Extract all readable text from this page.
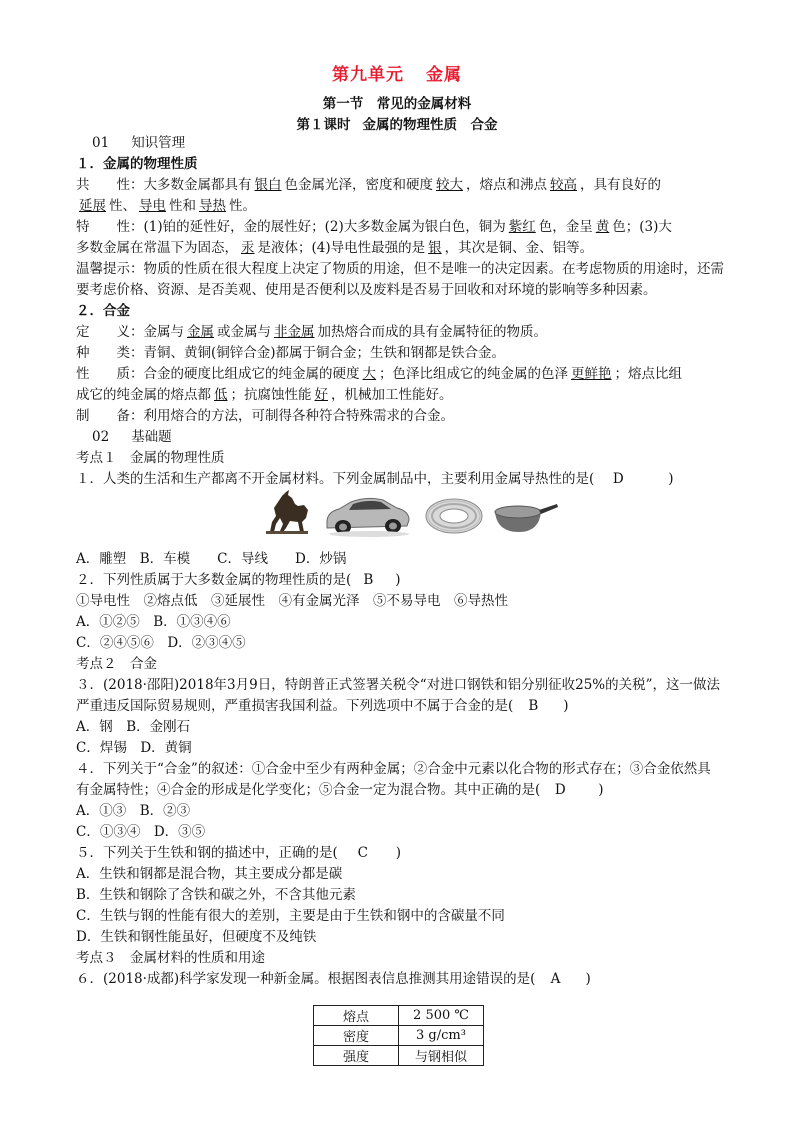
第九单元 金属
第一节　常见的金属材料
第１课时 金属的物理性质　合金
01 知识管理
１．金属的物理性质
共　　性：大多数金属都具有 银白 色金属光泽，密度和硬度 较大 ，熔点和沸点 较高 ，具有良好的
延展 性、 导电 性和 导热 性。
特　　性：(1)铂的延性好，金的展性好；(2)大多数金属为银白色，铜为 紫红 色，金呈 黄 色；(3)大
多数金属在常温下为固态， 汞 是液体；(4)导电性最强的是 银 ，其次是铜、金、铝等。
温馨提示：物质的性质在很大程度上决定了物质的用途，但不是唯一的决定因素。在考虑物质的用途时，还需
要考虑价格、资源、是否美观、使用是否便利以及废料是否易于回收和对环境的影响等多种因素。
２．合金
定　　义：金属与 金属 或金属与 非金属 加热熔合而成的具有金属特征的物质。
种　　类：青铜、黄铜(铜锌合金)都属于铜合金；生铁和钢都是铁合金。
性　　质：合金的硬度比组成它的纯金属的硬度 大 ；色泽比组成它的纯金属的色泽 更鲜艳 ；熔点比组
成它的纯金属的熔点都 低 ；抗腐蚀性能 好 ，机械加工性能好。
制　　备：利用熔合的方法，可制得各种符合特殊需求的合金。
02 基础题
考点１　金属的物理性质
１．人类的生活和生产都离不开金属材料。下列金属制品中，主要利用金属导热性的是( D	)
A．雕塑　B．车模　　C．导线　　D．炒锅
２．下列性质属于大多数金属的物理性质的是( B )
①导电性　②熔点低　③延展性　④有金属光泽　⑤不易导电　⑥导热性
A．①②⑤　B．①③④⑥
C．②④⑤⑥　D．②③④⑤
考点２　合金
３．(2018·邵阳)2018年3月9日，特朗普正式签署关税令“对进口钢铁和铝分别征收25%的关税”，这一做法
严重违反国际贸易规则，严重损害我国利益。下列选项中不属于合金的是( B )
A．钢　B．金刚石
C．焊锡　D．黄铜
４．下列关于“合金”的叙述：①合金中至少有两种金属；②合金中元素以化合物的形式存在；③合金依然具
有金属特性；④合金的形成是化学变化；⑤合金一定为混合物。其中正确的是( D )
A．①③　B．②③
C．①③④　D．③⑤
５．下列关于生铁和钢的描述中，正确的是( C )
A．生铁和钢都是混合物，其主要成分都是碳
B．生铁和钢除了含铁和碳之外，不含其他元素
C．生铁与钢的性能有很大的差别，主要是由于生铁和钢中的含碳量不同
D．生铁和钢性能虽好，但硬度不及纯铁
考点３　金属材料的性质和用途
６．(2018·成都)科学家发现一种新金属。根据图表信息推测其用途错误的是( A )
熔点	2 500 ℃
密度	3 g/cm³
强度	与钢相似
